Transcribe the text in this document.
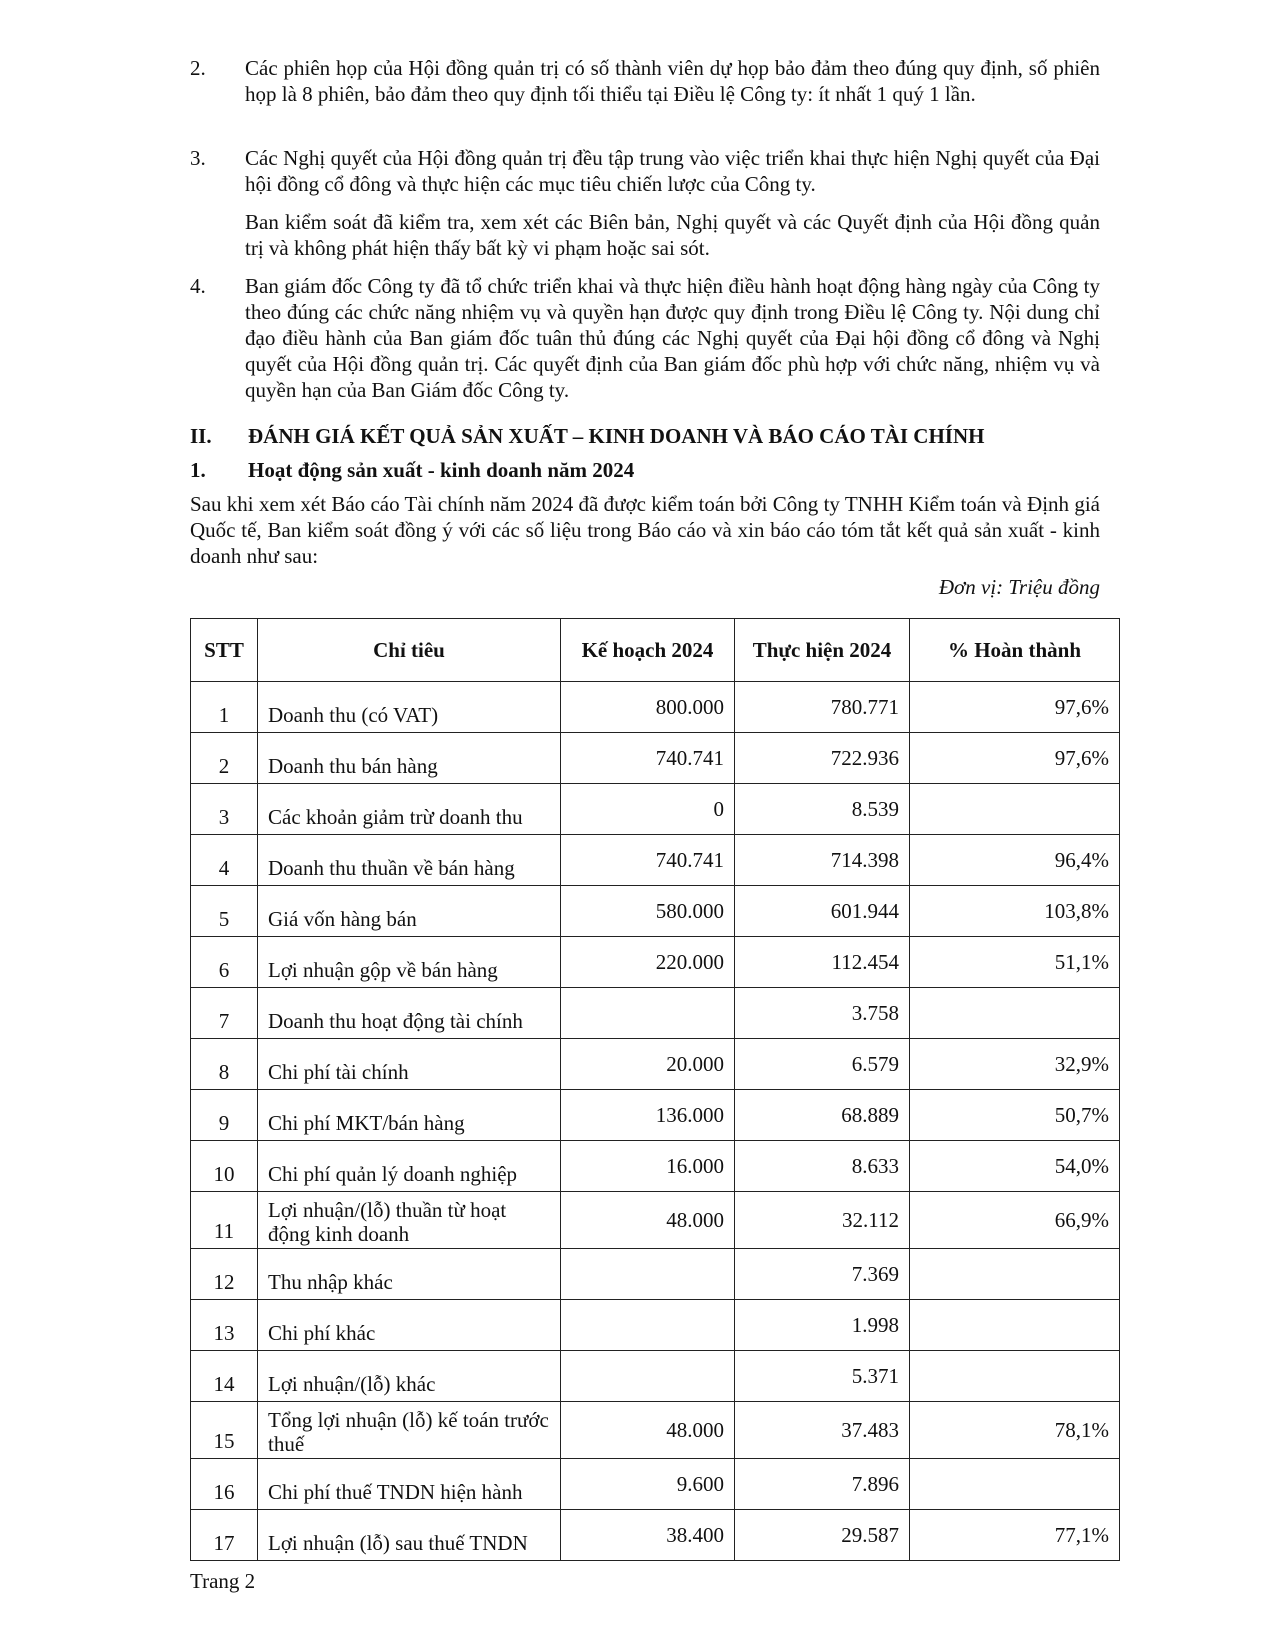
2.	Các phiên họp của Hội đồng quản trị có số thành viên dự họp bảo đảm theo đúng quy định, số phiên họp là 8 phiên, bảo đảm theo quy định tối thiểu tại Điều lệ Công ty: ít nhất 1 quý 1 lần.
3.	Các Nghị quyết của Hội đồng quản trị đều tập trung vào việc triển khai thực hiện Nghị quyết của Đại hội đồng cổ đông và thực hiện các mục tiêu chiến lược của Công ty.
Ban kiểm soát đã kiểm tra, xem xét các Biên bản, Nghị quyết và các Quyết định của Hội đồng quản trị và không phát hiện thấy bất kỳ vi phạm hoặc sai sót.
4.	Ban giám đốc Công ty đã tổ chức triển khai và thực hiện điều hành hoạt động hàng ngày của Công ty theo đúng các chức năng nhiệm vụ và quyền hạn được quy định trong Điều lệ Công ty. Nội dung chỉ đạo điều hành của Ban giám đốc tuân thủ đúng các Nghị quyết của Đại hội đồng cổ đông và Nghị quyết của Hội đồng quản trị. Các quyết định của Ban giám đốc phù hợp với chức năng, nhiệm vụ và quyền hạn của Ban Giám đốc Công ty.
II. ĐÁNH GIÁ KẾT QUẢ SẢN XUẤT – KINH DOANH VÀ BÁO CÁO TÀI CHÍNH
1. Hoạt động sản xuất - kinh doanh năm 2024
Sau khi xem xét Báo cáo Tài chính năm 2024 đã được kiểm toán bởi Công ty TNHH Kiểm toán và Định giá Quốc tế, Ban kiểm soát đồng ý với các số liệu trong Báo cáo và xin báo cáo tóm tắt kết quả sản xuất - kinh doanh như sau:
Đơn vị: Triệu đồng
STT	Chỉ tiêu	Kế hoạch 2024	Thực hiện 2024	% Hoàn thành
1	Doanh thu (có VAT)	800.000	780.771	97,6%
2	Doanh thu bán hàng	740.741	722.936	97,6%
3	Các khoản giảm trừ doanh thu	0	8.539	
4	Doanh thu thuần về bán hàng	740.741	714.398	96,4%
5	Giá vốn hàng bán	580.000	601.944	103,8%
6	Lợi nhuận gộp về bán hàng	220.000	112.454	51,1%
7	Doanh thu hoạt động tài chính		3.758	
8	Chi phí tài chính	20.000	6.579	32,9%
9	Chi phí MKT/bán hàng	136.000	68.889	50,7%
10	Chi phí quản lý doanh nghiệp	16.000	8.633	54,0%
11	Lợi nhuận/(lỗ) thuần từ hoạt động kinh doanh	48.000	32.112	66,9%
12	Thu nhập khác		7.369	
13	Chi phí khác		1.998	
14	Lợi nhuận/(lỗ) khác		5.371	
15	Tổng lợi nhuận (lỗ) kế toán trước thuế	48.000	37.483	78,1%
16	Chi phí thuế TNDN hiện hành	9.600	7.896	
17	Lợi nhuận (lỗ) sau thuế TNDN	38.400	29.587	77,1%
Trang 2
